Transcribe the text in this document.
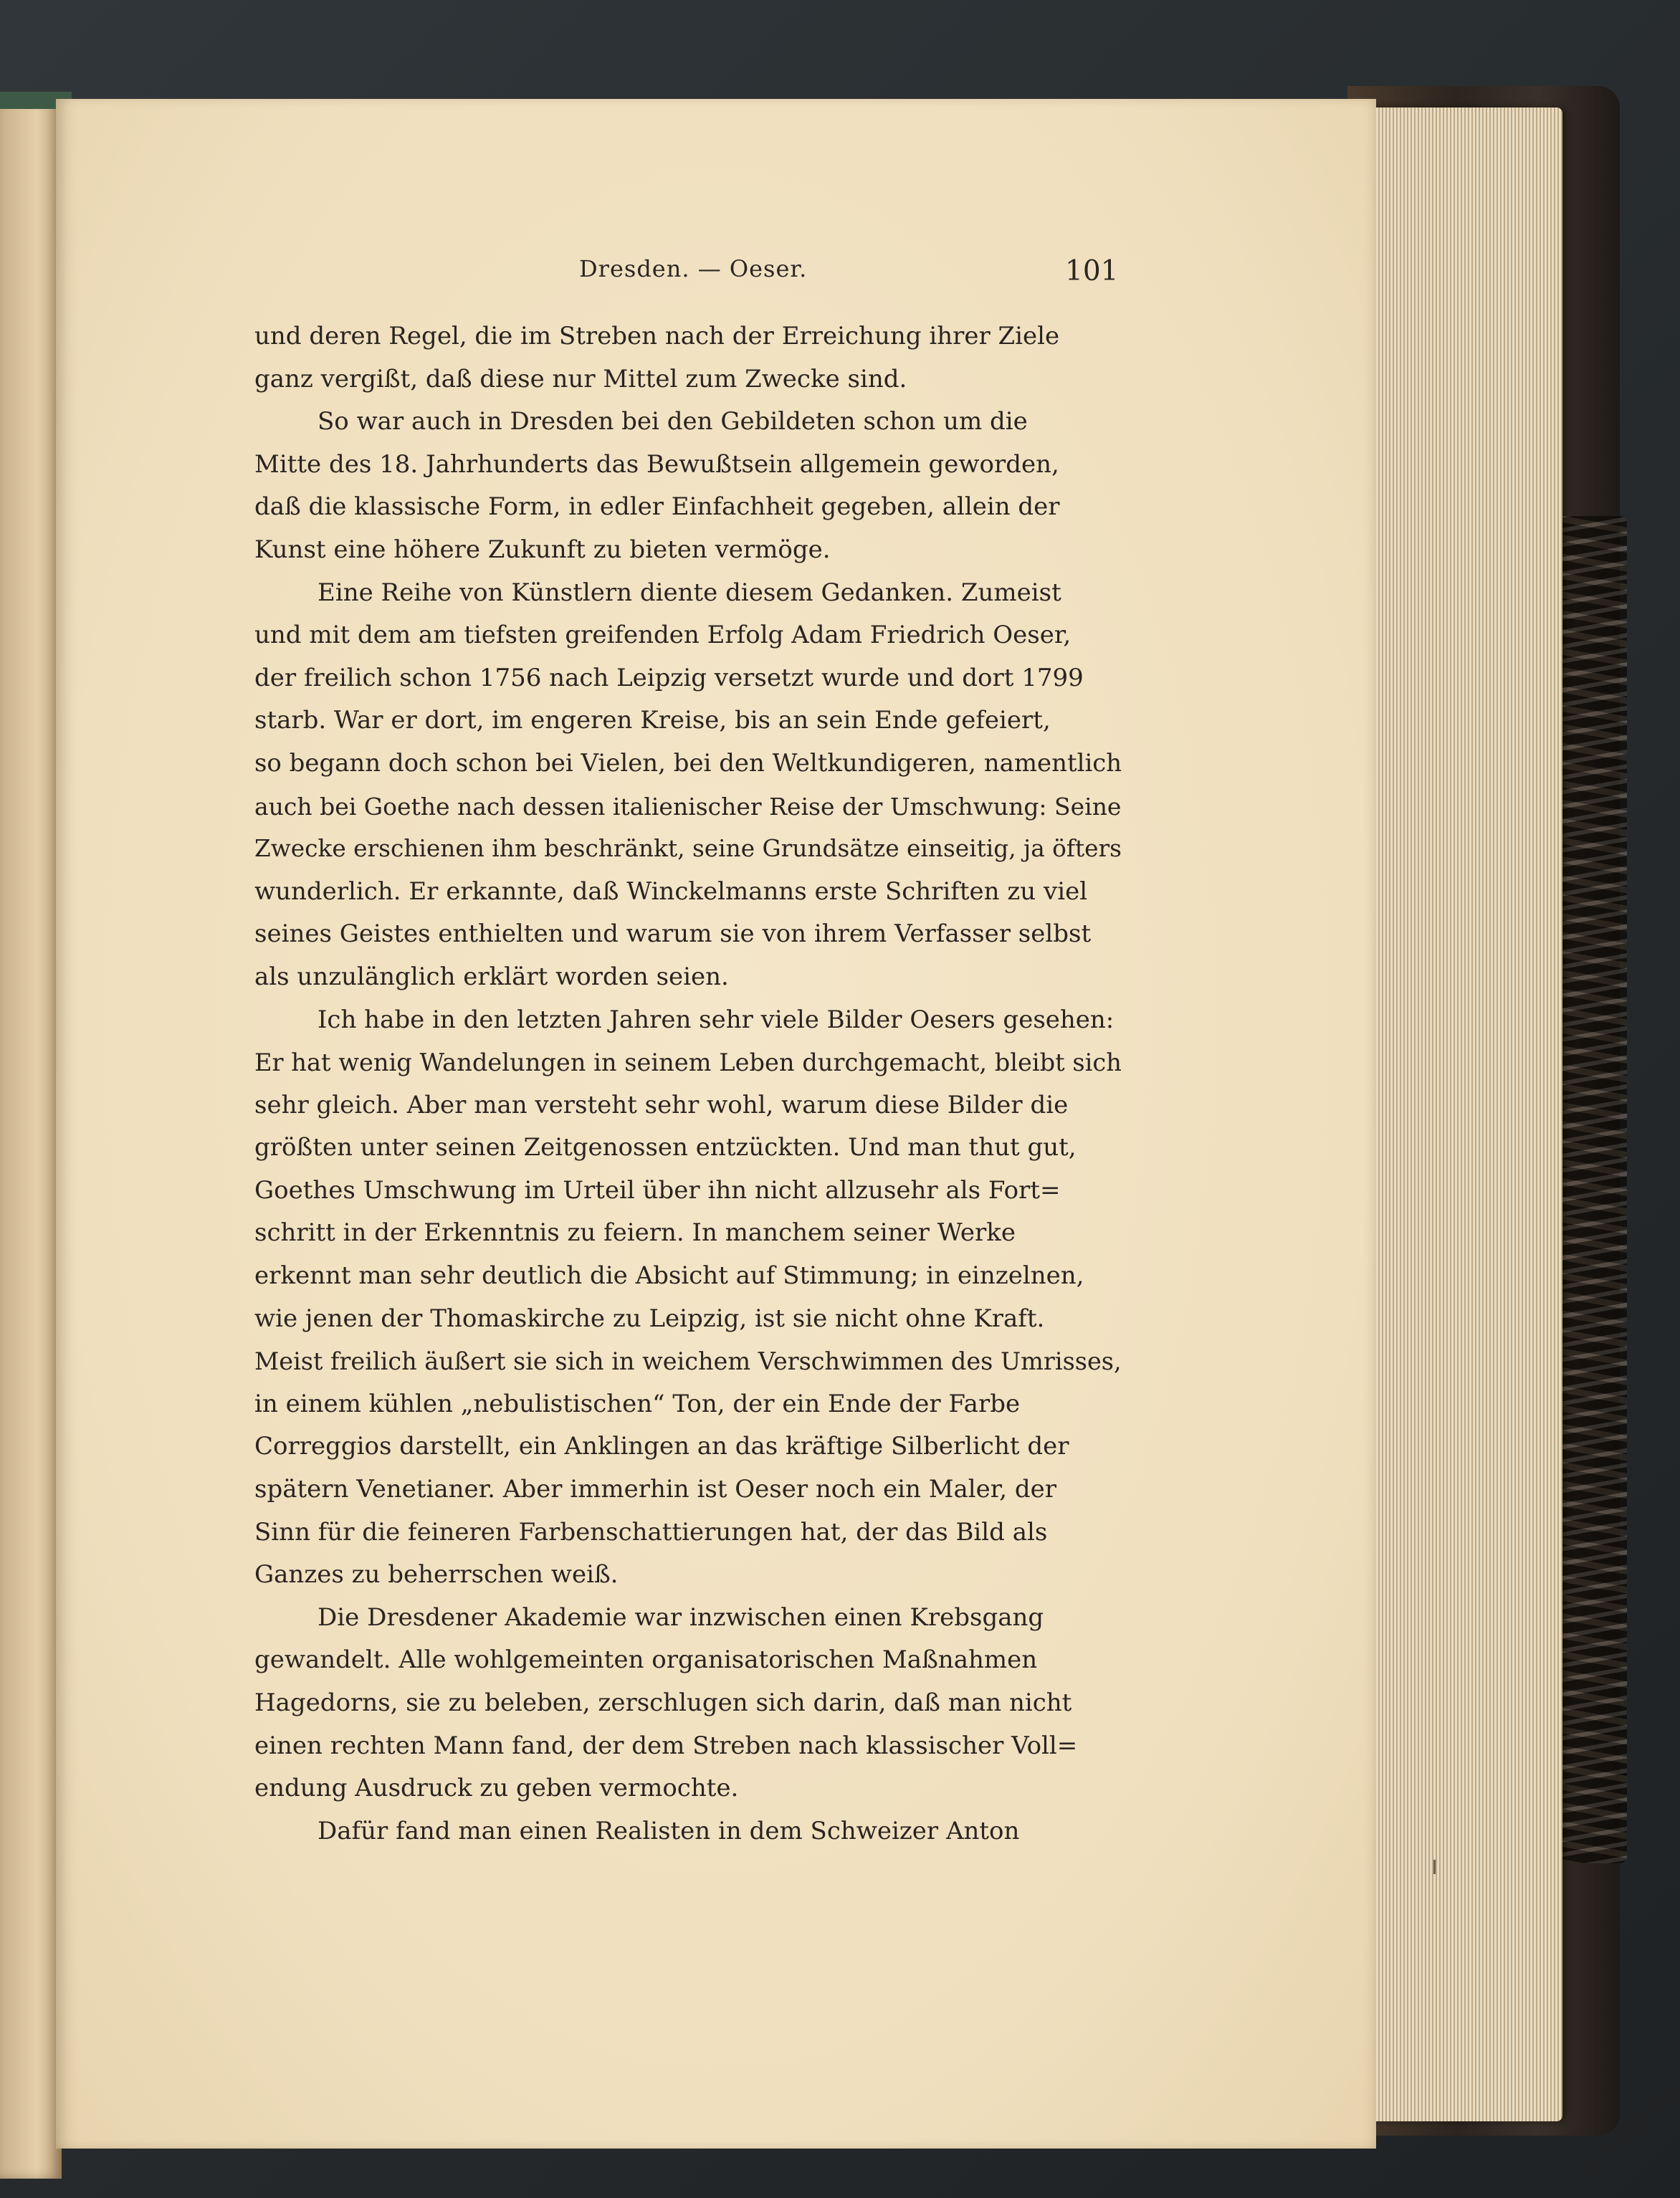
Dresden. — Oeser.	101
und deren Regel, die im Streben nach der Erreichung ihrer Ziele
ganz vergißt, daß diese nur Mittel zum Zwecke sind.
So war auch in Dresden bei den Gebildeten schon um die
Mitte des 18. Jahrhunderts das Bewußtsein allgemein geworden,
daß die klassische Form, in edler Einfachheit gegeben, allein der
Kunst eine höhere Zukunft zu bieten vermöge.
Eine Reihe von Künstlern diente diesem Gedanken. Zumeist
und mit dem am tiefsten greifenden Erfolg Adam Friedrich Oeser,
der freilich schon 1756 nach Leipzig versetzt wurde und dort 1799
starb. War er dort, im engeren Kreise, bis an sein Ende gefeiert,
so begann doch schon bei Vielen, bei den Weltkundigeren, namentlich
auch bei Goethe nach dessen italienischer Reise der Umschwung: Seine
Zwecke erschienen ihm beschränkt, seine Grundsätze einseitig, ja öfters
wunderlich. Er erkannte, daß Winckelmanns erste Schriften zu viel
seines Geistes enthielten und warum sie von ihrem Verfasser selbst
als unzulänglich erklärt worden seien.
Ich habe in den letzten Jahren sehr viele Bilder Oesers gesehen:
Er hat wenig Wandelungen in seinem Leben durchgemacht, bleibt sich
sehr gleich. Aber man versteht sehr wohl, warum diese Bilder die
größten unter seinen Zeitgenossen entzückten. Und man thut gut,
Goethes Umschwung im Urteil über ihn nicht allzusehr als Fort=
schritt in der Erkenntnis zu feiern. In manchem seiner Werke
erkennt man sehr deutlich die Absicht auf Stimmung; in einzelnen,
wie jenen der Thomaskirche zu Leipzig, ist sie nicht ohne Kraft.
Meist freilich äußert sie sich in weichem Verschwimmen des Umrisses,
in einem kühlen „nebulistischen“ Ton, der ein Ende der Farbe
Correggios darstellt, ein Anklingen an das kräftige Silberlicht der
spätern Venetianer. Aber immerhin ist Oeser noch ein Maler, der
Sinn für die feineren Farbenschattierungen hat, der das Bild als
Ganzes zu beherrschen weiß.
Die Dresdener Akademie war inzwischen einen Krebsgang
gewandelt. Alle wohlgemeinten organisatorischen Maßnahmen
Hagedorns, sie zu beleben, zerschlugen sich darin, daß man nicht
einen rechten Mann fand, der dem Streben nach klassischer Voll=
endung Ausdruck zu geben vermochte.
Dafür fand man einen Realisten in dem Schweizer Anton
